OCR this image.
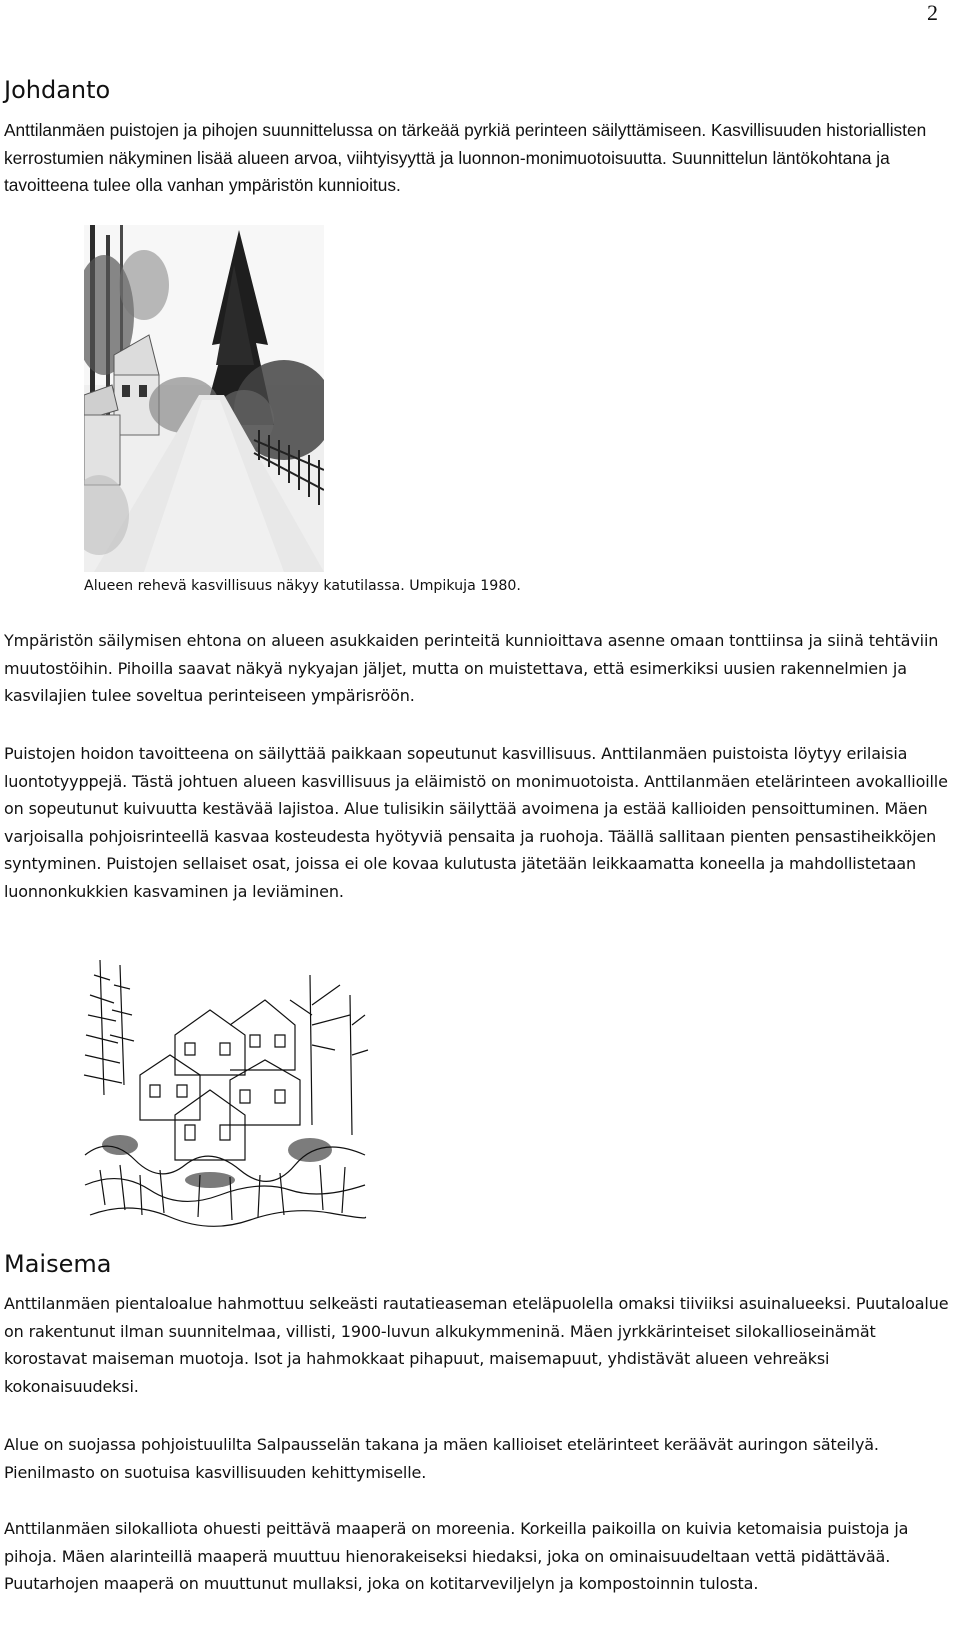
2
Johdanto

Anttilanmäen puistojen ja pihojen suunnittelussa on tärkeää pyrkiä perinteen säilyttämiseen. Kasvillisuuden historiallisten kerrostumien näkyminen lisää alueen arvoa, viihtyisyyttä ja luonnon-monimuotoisuutta. Suunnittelun läntökohtana ja tavoitteena tulee olla vanhan ympäristön kunnioitus.

Alueen rehevä kasvillisuus näkyy katutilassa. Umpikuja 1980.

Ympäristön säilymisen ehtona on alueen asukkaiden perinteitä kunnioittava asenne omaan tonttiinsa ja siinä tehtäviin muutostöihin. Pihoilla saavat näkyä nykyajan jäljet, mutta on muistettava, että esimerkiksi uusien rakennelmien ja kasvilajien tulee soveltua perinteiseen ympärisröön.

Puistojen hoidon tavoitteena on säilyttää paikkaan sopeutunut kasvillisuus. Anttilanmäen puistoista löytyy erilaisia luontotyyppejä. Tästä johtuen alueen kasvillisuus ja eläimistö on monimuotoista. Anttilanmäen etelärinteen avokallioille on sopeutunut kuivuutta kestävää lajistoa. Alue tulisikin säilyttää avoimena ja estää kallioiden pensoittuminen. Mäen varjoisalla pohjoisrinteellä kasvaa kosteudesta hyötyviä pensaita ja ruohoja. Täällä sallitaan pienten pensastiheikköjen syntyminen. Puistojen sellaiset osat, joissa ei ole kovaa kulutusta jätetään leikkaamatta koneella ja mahdollistetaan luonnonkukkien kasvaminen ja leviäminen.

Maisema

Anttilanmäen pientaloalue hahmottuu selkeästi rautatieaseman eteläpuolella omaksi tiiviiksi asuinalueeksi. Puutaloalue on rakentunut ilman suunnitelmaa, villisti, 1900-luvun alkukymmeninä. Mäen jyrkkärinteiset silokallioseinämät korostavat maiseman muotoja. Isot ja hahmokkaat pihapuut, maisemapuut, yhdistävät alueen vehreäksi kokonaisuudeksi.

Alue on suojassa pohjoistuulilta Salpausselän takana ja mäen kallioiset etelärinteet keräävät auringon säteilyä. Pienilmasto on suotuisa kasvillisuuden kehittymiselle.

Anttilanmäen silokalliota ohuesti peittävä maaperä on moreenia. Korkeilla paikoilla on kuivia ketomaisia puistoja ja pihoja. Mäen alarinteillä maaperä muuttuu hienorakeiseksi hiedaksi, joka on ominaisuudeltaan vettä pidättävää. Puutarhojen maaperä on muuttunut mullaksi, joka on kotitarveviljelyn ja kompostoinnin tulosta.
